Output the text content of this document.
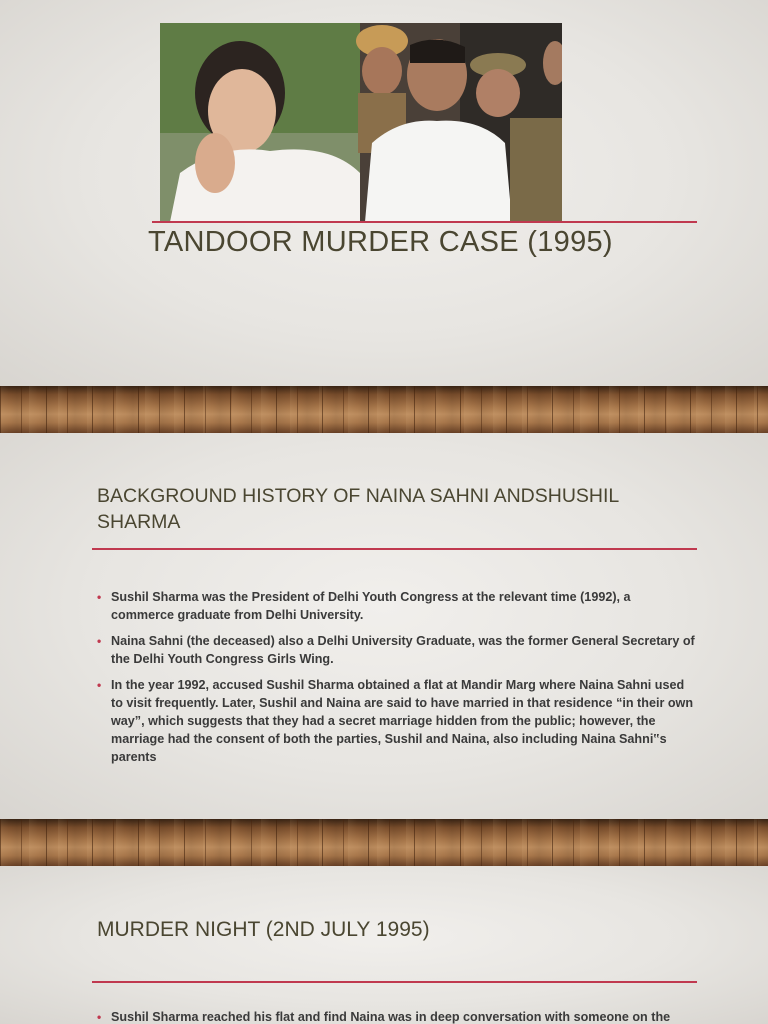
TANDOOR MURDER CASE (1995)
BACKGROUND HISTORY OF NAINA SAHNI ANDSHUSHIL SHARMA
• Sushil Sharma was the President of Delhi Youth Congress at the relevant time (1992), a commerce graduate from Delhi University.
• Naina Sahni (the deceased) also a Delhi University Graduate, was the former General Secretary of the Delhi Youth Congress Girls Wing.
• In the year 1992, accused Sushil Sharma obtained a flat at Mandir Marg where Naina Sahni used to visit frequently. Later, Sushil and Naina are said to have married in that residence “in their own way”, which suggests that they had a secret marriage hidden from the public; however, the marriage had the consent of both the parties, Sushil and Naina, also including Naina Sahni‟s parents
MURDER NIGHT (2ND JULY 1995)
• Sushil Sharma reached his flat and find Naina was in deep conversation with someone on the
